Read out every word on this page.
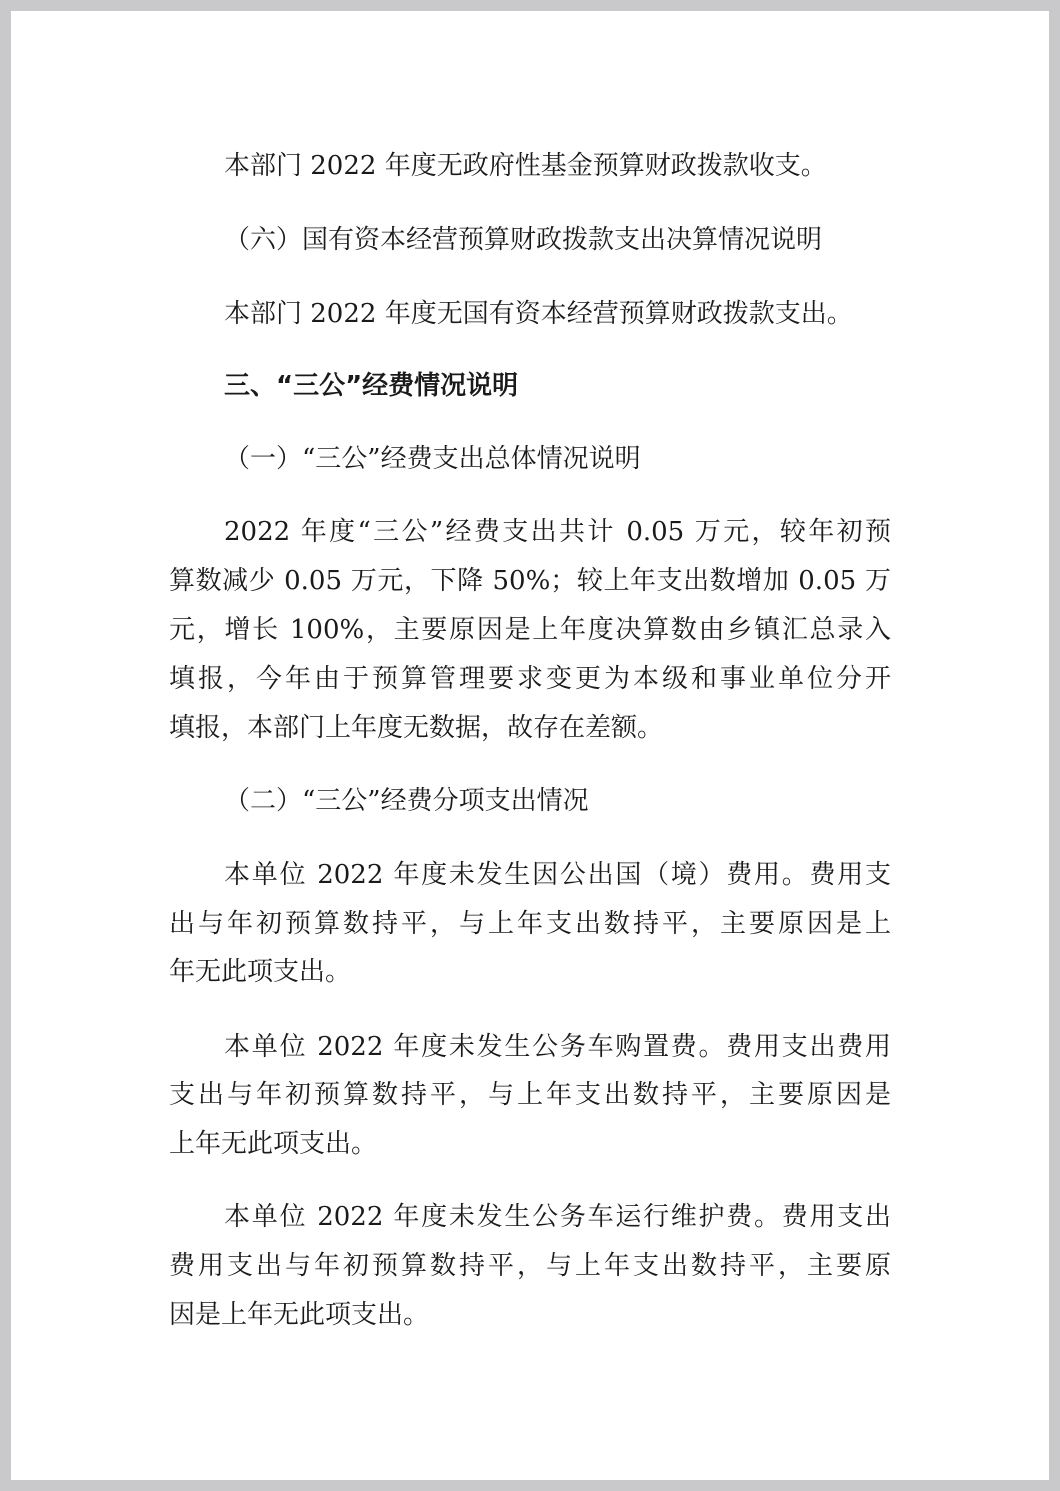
本部门 2022 年度无政府性基金预算财政拨款收支。
（六）国有资本经营预算财政拨款支出决算情况说明
本部门 2022 年度无国有资本经营预算财政拨款支出。
三、“三公”经费情况说明
（一）“三公”经费支出总体情况说明
2022 年度“三公”经费支出共计 0.05 万元，较年初预
算数减少 0.05 万元，下降 50%；较上年支出数增加 0.05 万
元，增长 100%，主要原因是上年度决算数由乡镇汇总录入
填报，今年由于预算管理要求变更为本级和事业单位分开
填报，本部门上年度无数据，故存在差额。
（二）“三公”经费分项支出情况
本单位 2022 年度未发生因公出国（境）费用。费用支
出与年初预算数持平，与上年支出数持平，主要原因是上
年无此项支出。
本单位 2022 年度未发生公务车购置费。费用支出费用
支出与年初预算数持平，与上年支出数持平，主要原因是
上年无此项支出。
本单位 2022 年度未发生公务车运行维护费。费用支出
费用支出与年初预算数持平，与上年支出数持平，主要原
因是上年无此项支出。
